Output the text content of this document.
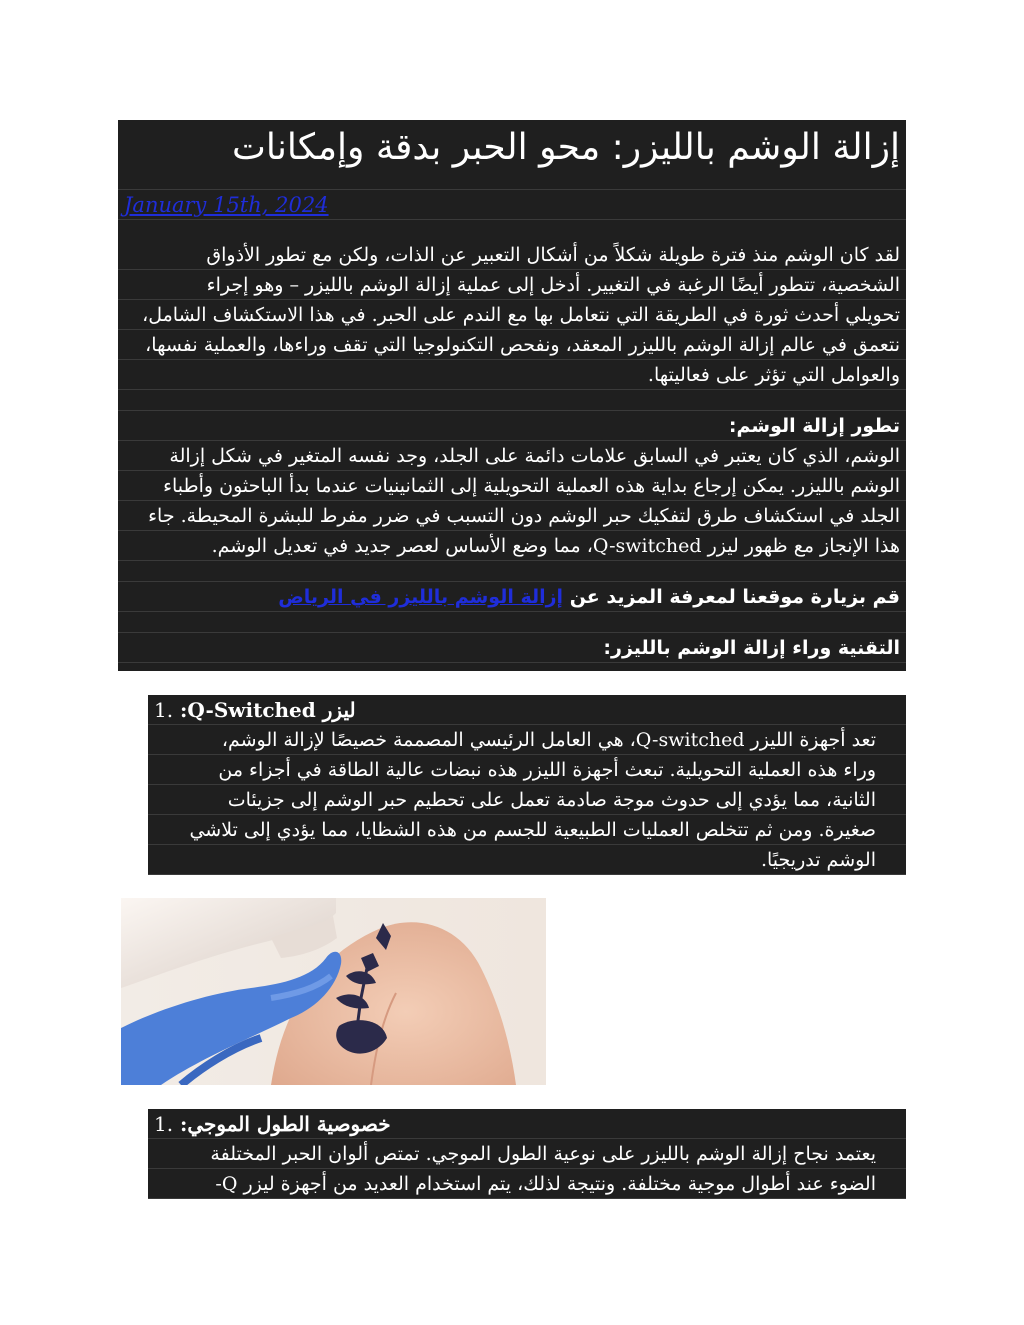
إزالة الوشم بالليزر: محو الحبر بدقة وإمكانات
January 15th, 2024
لقد كان الوشم منذ فترة طويلة شكلاً من أشكال التعبير عن الذات، ولكن مع تطور الأذواق
الشخصية، تتطور أيضًا الرغبة في التغيير. أدخل إلى عملية إزالة الوشم بالليزر – وهو إجراء
تحويلي أحدث ثورة في الطريقة التي نتعامل بها مع الندم على الحبر. في هذا الاستكشاف الشامل،
نتعمق في عالم إزالة الوشم بالليزر المعقد، ونفحص التكنولوجيا التي تقف وراءها، والعملية نفسها،
والعوامل التي تؤثر على فعاليتها.
تطور إزالة الوشم:
الوشم، الذي كان يعتبر في السابق علامات دائمة على الجلد، وجد نفسه المتغير في شكل إزالة
الوشم بالليزر. يمكن إرجاع بداية هذه العملية التحويلية إلى الثمانينيات عندما بدأ الباحثون وأطباء
الجلد في استكشاف طرق لتفكيك حبر الوشم دون التسبب في ضرر مفرط للبشرة المحيطة. جاء
هذا الإنجاز مع ظهور ليزر Q-switched، مما وضع الأساس لعصر جديد في تعديل الوشم.
قم بزيارة موقعنا لمعرفة المزيد عن إزالة الوشم بالليزر في الرياض
التقنية وراء إزالة الوشم بالليزر:
1. ليزر Q-Switched:
تعد أجهزة الليزر Q-switched، هي العامل الرئيسي المصممة خصيصًا لإزالة الوشم،
وراء هذه العملية التحويلية. تبعث أجهزة الليزر هذه نبضات عالية الطاقة في أجزاء من
الثانية، مما يؤدي إلى حدوث موجة صادمة تعمل على تحطيم حبر الوشم إلى جزيئات
صغيرة. ومن ثم تتخلص العمليات الطبيعية للجسم من هذه الشظايا، مما يؤدي إلى تلاشي
الوشم تدريجيًا.
1. خصوصية الطول الموجي:
يعتمد نجاح إزالة الوشم بالليزر على نوعية الطول الموجي. تمتص ألوان الحبر المختلفة
الضوء عند أطوال موجية مختلفة. ونتيجة لذلك، يتم استخدام العديد من أجهزة ليزر Q-
